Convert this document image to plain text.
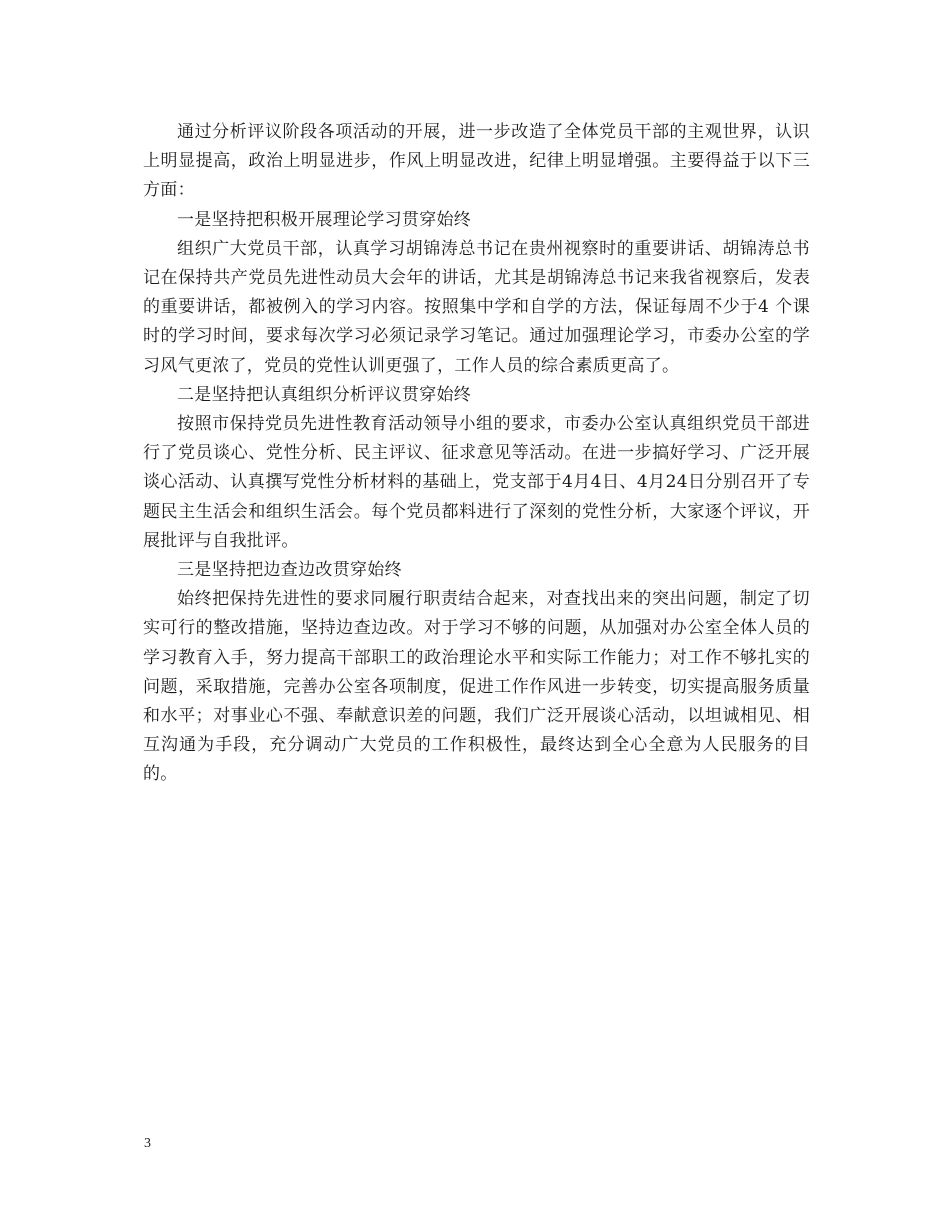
通过分析评议阶段各项活动的开展，进一步改造了全体党员干部的主观世界，认识上明显提高，政治上明显进步，作风上明显改进，纪律上明显增强。主要得益于以下三方面：

一是坚持把积极开展理论学习贯穿始终

组织广大党员干部，认真学习胡锦涛总书记在贵州视察时的重要讲话、胡锦涛总书记在保持共产党员先进性动员大会年的讲话，尤其是胡锦涛总书记来我省视察后，发表的重要讲话，都被例入的学习内容。按照集中学和自学的方法，保证每周不少于4 个课时的学习时间，要求每次学习必须记录学习笔记。通过加强理论学习，市委办公室的学习风气更浓了，党员的党性认训更强了，工作人员的综合素质更高了。

二是坚持把认真组织分析评议贯穿始终

按照市保持党员先进性教育活动领导小组的要求，市委办公室认真组织党员干部进行了党员谈心、党性分析、民主评议、征求意见等活动。在进一步搞好学习、广泛开展谈心活动、认真撰写党性分析材料的基础上，党支部于4月4日、4月24日分别召开了专题民主生活会和组织生活会。每个党员都料进行了深刻的党性分析，大家逐个评议，开展批评与自我批评。

三是坚持把边查边改贯穿始终

始终把保持先进性的要求同履行职责结合起来，对查找出来的突出问题，制定了切实可行的整改措施，坚持边查边改。对于学习不够的问题，从加强对办公室全体人员的学习教育入手，努力提高干部职工的政治理论水平和实际工作能力；对工作不够扎实的问题，采取措施，完善办公室各项制度，促进工作作风进一步转变，切实提高服务质量和水平；对事业心不强、奉献意识差的问题，我们广泛开展谈心活动，以坦诚相见、相互沟通为手段，充分调动广大党员的工作积极性，最终达到全心全意为人民服务的目的。

3
